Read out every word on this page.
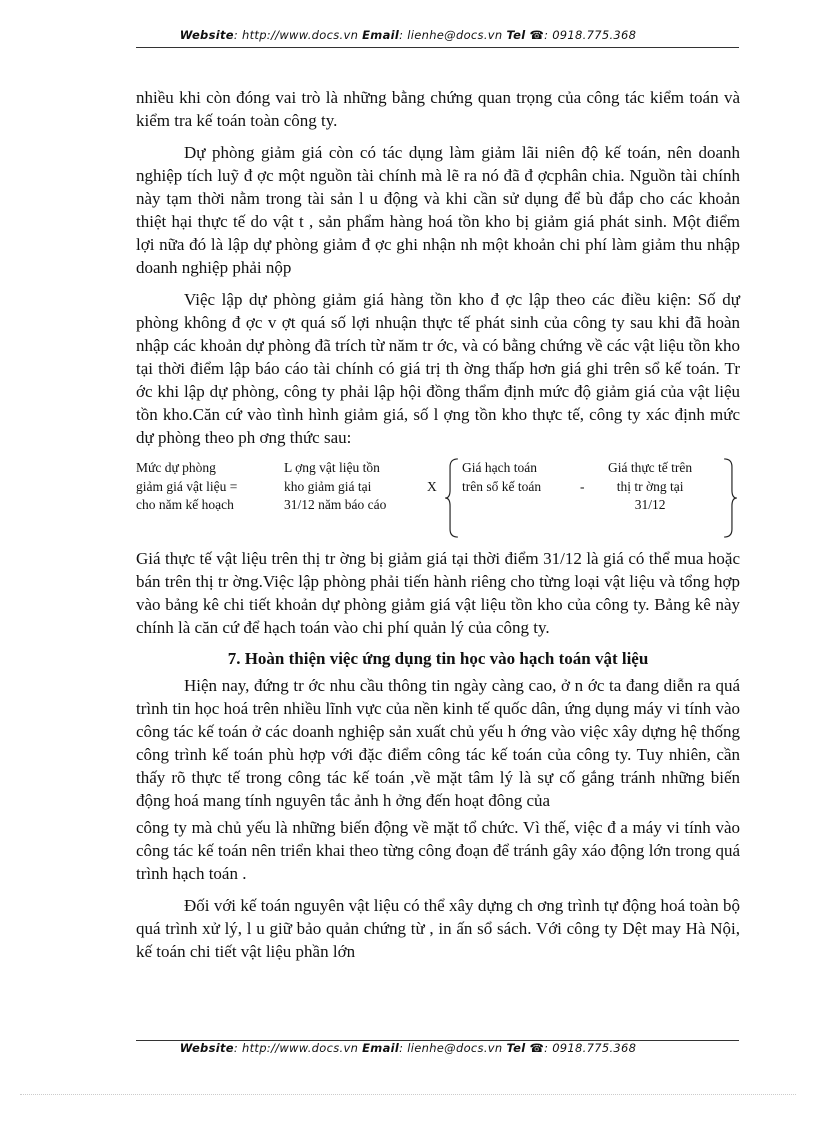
Website: http://www.docs.vn Email: lienhe@docs.vn Tel ☎: 0918.775.368

nhiều khi còn đóng vai trò là những bằng chứng quan trọng của công tác kiểm toán và kiểm tra kế toán toàn công ty.

Dự phòng giảm giá còn có tác dụng làm giảm lãi niên độ kế toán, nên doanh nghiệp tích luỹ đ ợc một nguồn tài chính mà lẽ ra nó đã đ ợcphân chia. Nguồn tài chính này tạm thời nằm trong tài sản l u động và khi cần sử dụng để bù đắp cho các khoản thiệt hại thực tế do vật t , sản phẩm hàng hoá tồn kho bị giảm giá phát sinh. Một điểm lợi nữa đó là lập dự phòng giảm đ ợc ghi nhận nh một khoản chi phí làm giảm thu nhập doanh nghiệp phải nộp

Việc lập dự phòng giảm giá hàng tồn kho đ ợc lập theo các điều kiện: Số dự phòng không đ ợc v ợt quá số lợi nhuận thực tế phát sinh của công ty sau khi đã hoàn nhập các khoản dự phòng đã trích từ năm tr ớc, và có bằng chứng về các vật liệu tồn kho tại thời điểm lập báo cáo tài chính có giá trị th ờng thấp hơn giá ghi trên sổ kế toán. Tr ớc khi lập dự phòng, công ty phải lập hội đồng thẩm định mức độ giảm giá của vật liệu tồn kho.Căn cứ vào tình hình giảm giá, số l ợng tồn kho thực tế, công ty xác định mức dự phòng theo ph ơng thức sau:

Mức dự phòng
giảm giá vật liệu =
cho năm kế hoạch
L ợng vật liệu tồn
kho giảm giá tại
31/12 năm báo cáo
X
Giá hạch toán
trên sổ kế toán	-
Giá thực tế trên
thị tr ờng tại
31/12

Giá thực tế vật liệu trên thị tr ờng bị giảm giá tại thời điểm 31/12 là giá có thể mua hoặc bán trên thị tr ờng.Việc lập phòng phải tiến hành riêng cho từng loại vật liệu và tổng hợp vào bảng kê chi tiết khoản dự phòng giảm giá vật liệu tồn kho của công ty. Bảng kê này chính là căn cứ để hạch toán vào chi phí quản lý của công ty.

7. Hoàn thiện việc ứng dụng tin học vào hạch toán vật liệu

Hiện nay, đứng tr ớc nhu cầu thông tin ngày càng cao, ở n ớc ta đang diễn ra quá trình tin học hoá trên nhiều lĩnh vực của nền kinh tế quốc dân, ứng dụng máy vi tính vào công tác kế toán ở các doanh nghiệp sản xuất chủ yếu h ớng vào việc xây dựng hệ thống công trình kế toán phù hợp với đặc điểm công tác kế toán của công ty. Tuy nhiên, cần thấy rõ thực tế trong công tác kế toán ,về mặt tâm lý là sự cố gắng tránh những biến động hoá mang tính nguyên tắc ảnh h ởng đến hoạt đông của

công ty mà chủ yếu là những biến động về mặt tổ chức. Vì thế, việc đ a máy vi tính vào công tác kế toán nên triển khai theo từng công đoạn để tránh gây xáo động lớn trong quá trình hạch toán .

Đối với kế toán nguyên vật liệu có thể xây dựng ch ơng trình tự động hoá toàn bộ quá trình xử lý, l u giữ bảo quản chứng từ , in ấn sổ sách. Với công ty Dệt may Hà Nội, kế toán chi tiết vật liệu phần lớn

Website: http://www.docs.vn Email: lienhe@docs.vn Tel ☎: 0918.775.368
